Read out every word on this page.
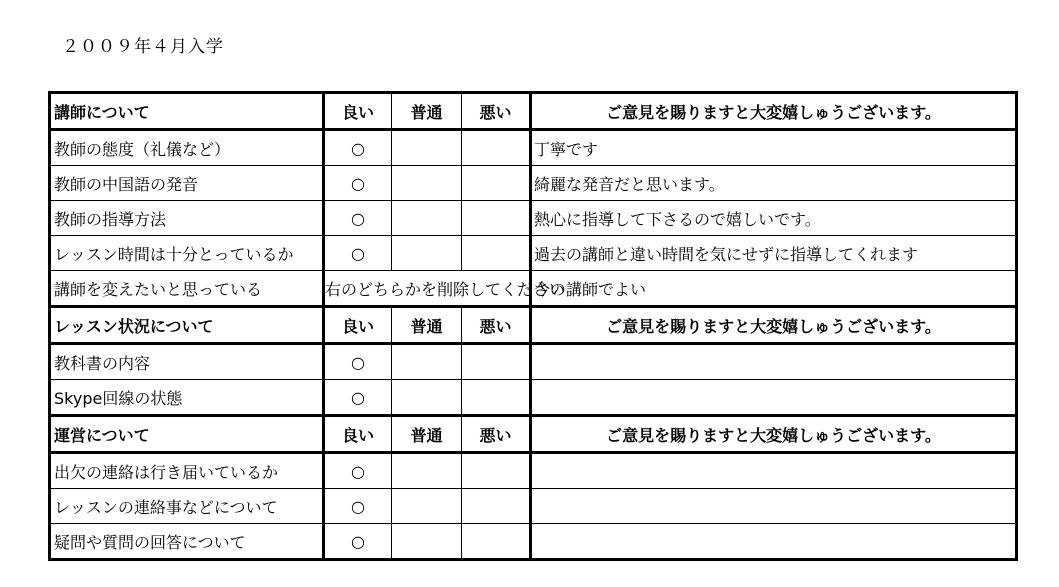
２００９年４月入学
講師について	良い	普通	悪い	ご意見を賜りますと大変嬉しゅうございます。
教師の態度（礼儀など）	○			丁寧です
教師の中国語の発音	○			綺麗な発音だと思います。
教師の指導方法	○			熱心に指導して下さるので嬉しいです。
レッスン時間は十分とっているか	○			過去の講師と違い時間を気にせずに指導してくれます
講師を変えたいと思っている	右のどちらかを削除してください			今の講師でよい
レッスン状況について	良い	普通	悪い	ご意見を賜りますと大変嬉しゅうございます。
教科書の内容	○			
Skype回線の状態	○			
運営について	良い	普通	悪い	ご意見を賜りますと大変嬉しゅうございます。
出欠の連絡は行き届いているか	○			
レッスンの連絡事などについて	○			
疑問や質問の回答について	○			
